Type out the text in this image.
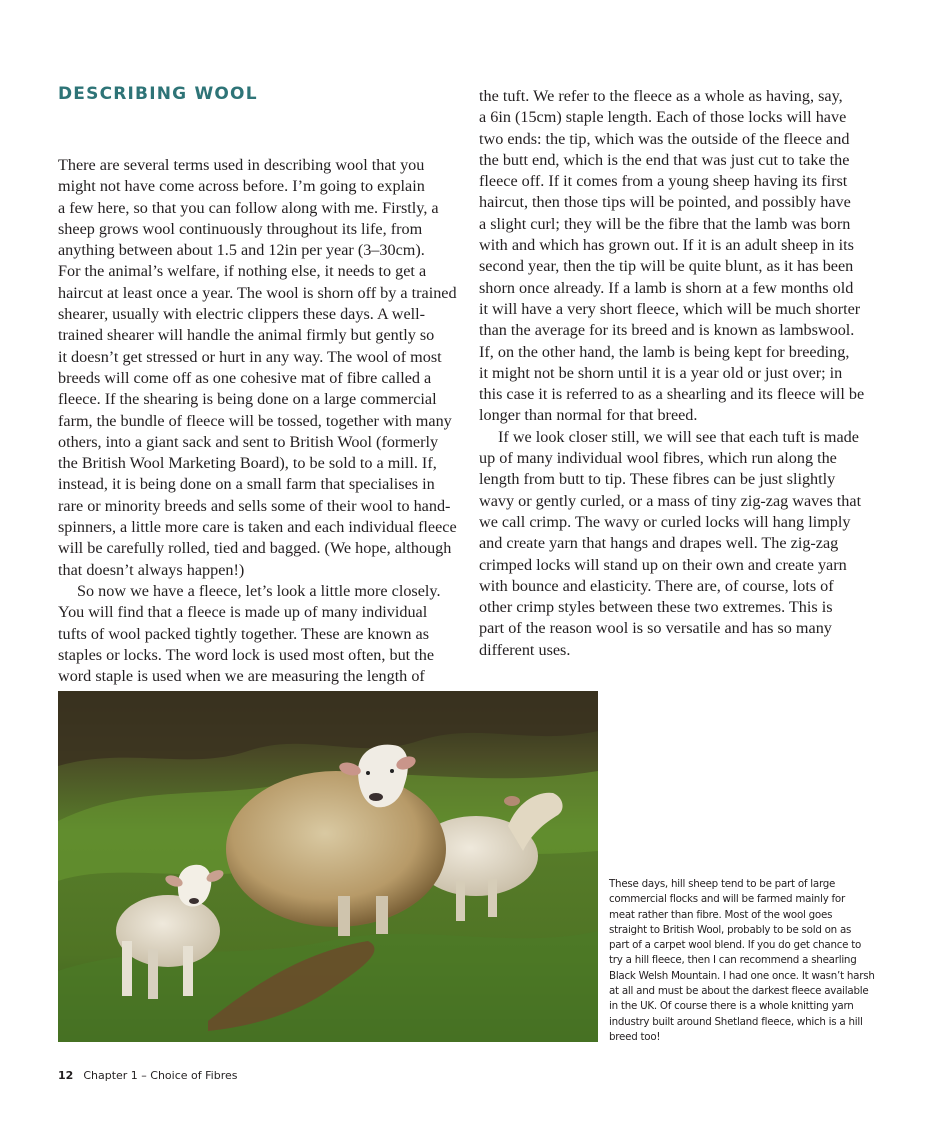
DESCRIBING WOOL
There are several terms used in describing wool that you
might not have come across before. I’m going to explain
a few here, so that you can follow along with me. Firstly, a
sheep grows wool continuously throughout its life, from
anything between about 1.5 and 12in per year (3–30cm).
For the animal’s welfare, if nothing else, it needs to get a
haircut at least once a year. The wool is shorn off by a trained
shearer, usually with electric clippers these days. A well-
trained shearer will handle the animal firmly but gently so
it doesn’t get stressed or hurt in any way. The wool of most
breeds will come off as one cohesive mat of fibre called a
fleece. If the shearing is being done on a large commercial
farm, the bundle of fleece will be tossed, together with many
others, into a giant sack and sent to British Wool (formerly
the British Wool Marketing Board), to be sold to a mill. If,
instead, it is being done on a small farm that specialises in
rare or minority breeds and sells some of their wool to hand-
spinners, a little more care is taken and each individual fleece
will be carefully rolled, tied and bagged. (We hope, although
that doesn’t always happen!)
So now we have a fleece, let’s look a little more closely.
You will find that a fleece is made up of many individual
tufts of wool packed tightly together. These are known as
staples or locks. The word lock is used most often, but the
word staple is used when we are measuring the length of
the tuft. We refer to the fleece as a whole as having, say,
a 6in (15cm) staple length. Each of those locks will have
two ends: the tip, which was the outside of the fleece and
the butt end, which is the end that was just cut to take the
fleece off. If it comes from a young sheep having its first
haircut, then those tips will be pointed, and possibly have
a slight curl; they will be the fibre that the lamb was born
with and which has grown out. If it is an adult sheep in its
second year, then the tip will be quite blunt, as it has been
shorn once already. If a lamb is shorn at a few months old
it will have a very short fleece, which will be much shorter
than the average for its breed and is known as lambswool.
If, on the other hand, the lamb is being kept for breeding,
it might not be shorn until it is a year old or just over; in
this case it is referred to as a shearling and its fleece will be
longer than normal for that breed.
If we look closer still, we will see that each tuft is made
up of many individual wool fibres, which run along the
length from butt to tip. These fibres can be just slightly
wavy or gently curled, or a mass of tiny zig-zag waves that
we call crimp. The wavy or curled locks will hang limply
and create yarn that hangs and drapes well. The zig-zag
crimped locks will stand up on their own and create yarn
with bounce and elasticity. There are, of course, lots of
other crimp styles between these two extremes. This is
part of the reason wool is so versatile and has so many
different uses.
These days, hill sheep tend to be part of large
commercial flocks and will be farmed mainly for
meat rather than fibre. Most of the wool goes
straight to British Wool, probably to be sold on as
part of a carpet wool blend. If you do get chance to
try a hill fleece, then I can recommend a shearling
Black Welsh Mountain. I had one once. It wasn’t harsh
at all and must be about the darkest fleece available
in the UK. Of course there is a whole knitting yarn
industry built around Shetland fleece, which is a hill
breed too!
12 Chapter 1 – Choice of Fibres
